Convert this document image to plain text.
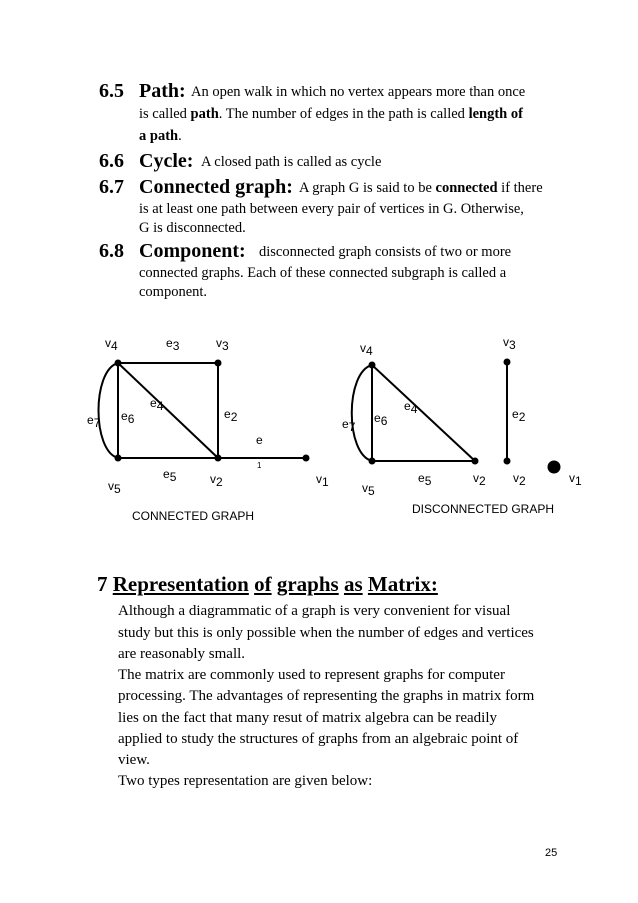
6.5 Path: An open walk in which no vertex appears more than once
is called path. The number of edges in the path is called length of
a path.
6.6 Cycle: A closed path is called as cycle
6.7 Connected graph: A graph G is said to be connected if there
is at least one path between every pair of vertices in G. Otherwise,
G is disconnected.
6.8 Component: disconnected graph consists of two or more
connected graphs. Each of these connected subgraph is called a
component.
v4	e3	v3
e4
e7 e6	e2
e
1
e5	v2	v1
v5
CONNECTED GRAPH
v4
v3
e4
e7
e6	e2
e5	v2 v2	v1
v5
DISCONNECTED GRAPH
7 Representation of graphs as Matrix:
Although a diagrammatic of a graph is very convenient for visual
study but this is only possible when the number of edges and vertices
are reasonably small.
The matrix are commonly used to represent graphs for computer
processing. The advantages of representing the graphs in matrix form
lies on the fact that many resut of matrix algebra can be readily
applied to study the structures of graphs from an algebraic point of
view.
Two types representation are given below:
25
